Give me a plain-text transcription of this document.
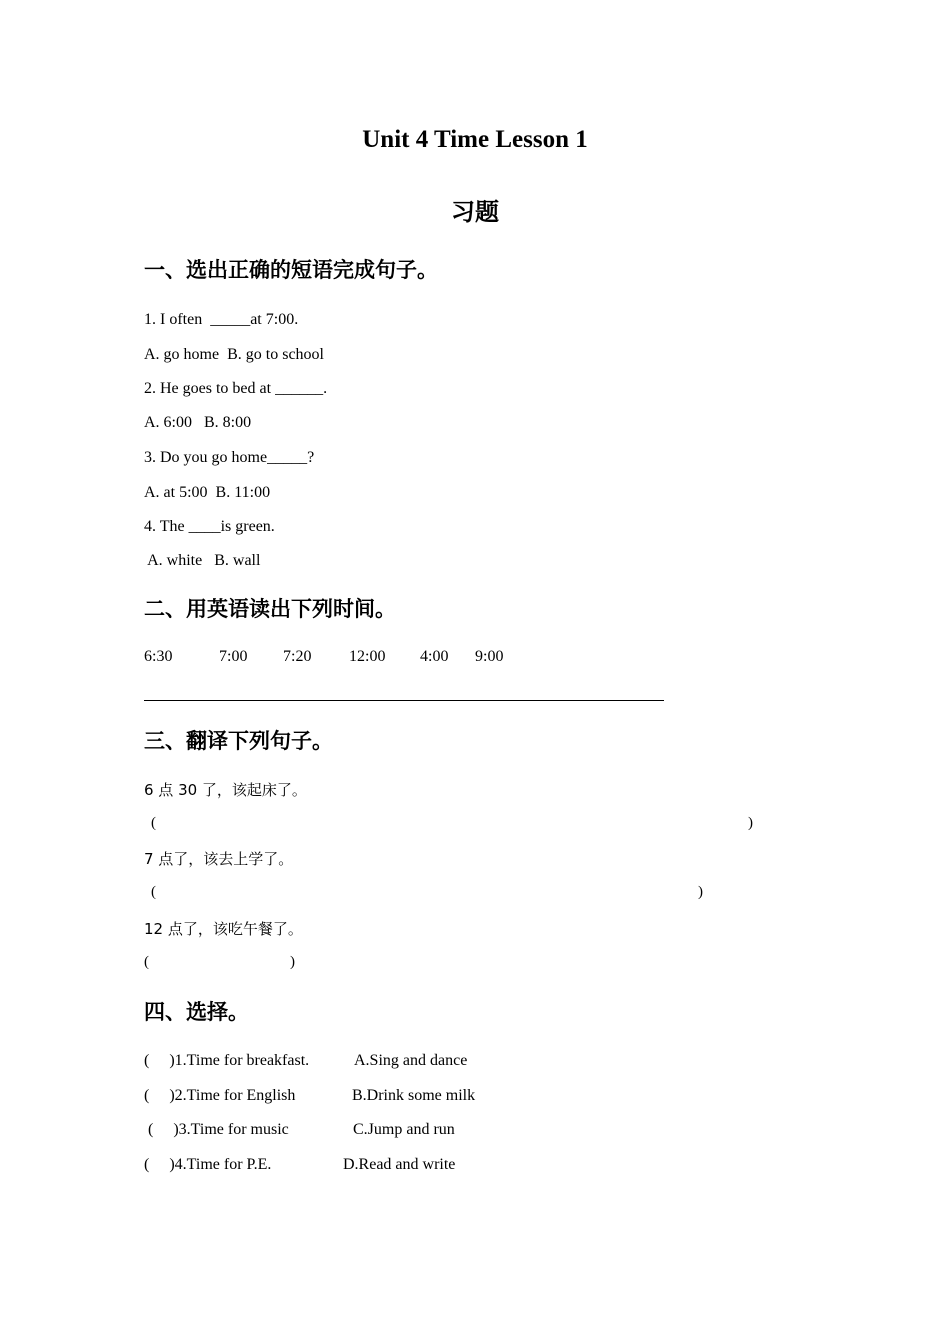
Unit 4 Time Lesson 1
习题
一、选出正确的短语完成句子。
1. I often  _____at 7:00.
A. go home  B. go to school
2. He goes to bed at ______.
A. 6:00   B. 8:00
3. Do you go home_____?
A. at 5:00  B. 11:00
4. The ____is green.
A. white   B. wall
二、用英语读出下列时间。
6:30	7:00 7:20 12:00 4:00 9:00
三、翻译下列句子。
6 点 30 了，该起床了。
(	)
7 点了，该去上学了。
(	)
12 点了，该吃午餐了。
(	)
四、选择。
(     )1.Time for breakfast.	A.Sing and dance
(     )2.Time for English	B.Drink some milk
(     )3.Time for music	C.Jump and run
(     )4.Time for P.E.	D.Read and write
